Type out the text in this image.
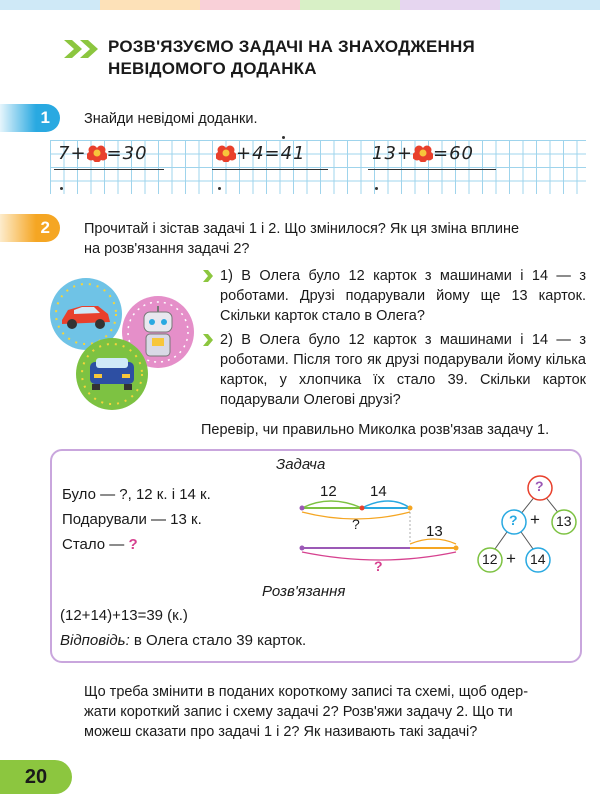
РОЗВ'ЯЗУЄМО ЗАДАЧІ НА ЗНАХОДЖЕННЯ
НЕВІДОМОГО ДОДАНКА
1 Знайди невідомі доданки.
7+ =30	+4=41	13+ =60
2 Прочитай і зістав задачі 1 і 2. Що змінилося? Як ця зміна вплине
на розв'язання задачі 2?
1) В Олега було 12 карток з машинами і 14 — з роботами. Друзі подарували йому ще 13 карток. Скільки карток стало в Олега?
2) В Олега було 12 карток з машинами і 14 — з роботами. Після того як друзі подарували йому кілька карток, у хлопчика їх стало 39. Скільки карток подарували Олегові друзі?
Перевір, чи правильно Миколка розв'язав задачу 1.
Задача
Було — ?, 12 к. і 14 к.
Подарували — 13 к.
Стало — ?
12 14
?	13
?
?
? + 13
12 + 14
Розв'язання
(12+14)+13=39 (к.)
Відповідь: в Олега стало 39 карток.
Що треба змінити в поданих короткому записі та схемі, щоб одер-
жати короткий запис і схему задачі 2? Розв'яжи задачу 2. Що ти
можеш сказати про задачі 1 і 2? Як називають такі задачі?
20
